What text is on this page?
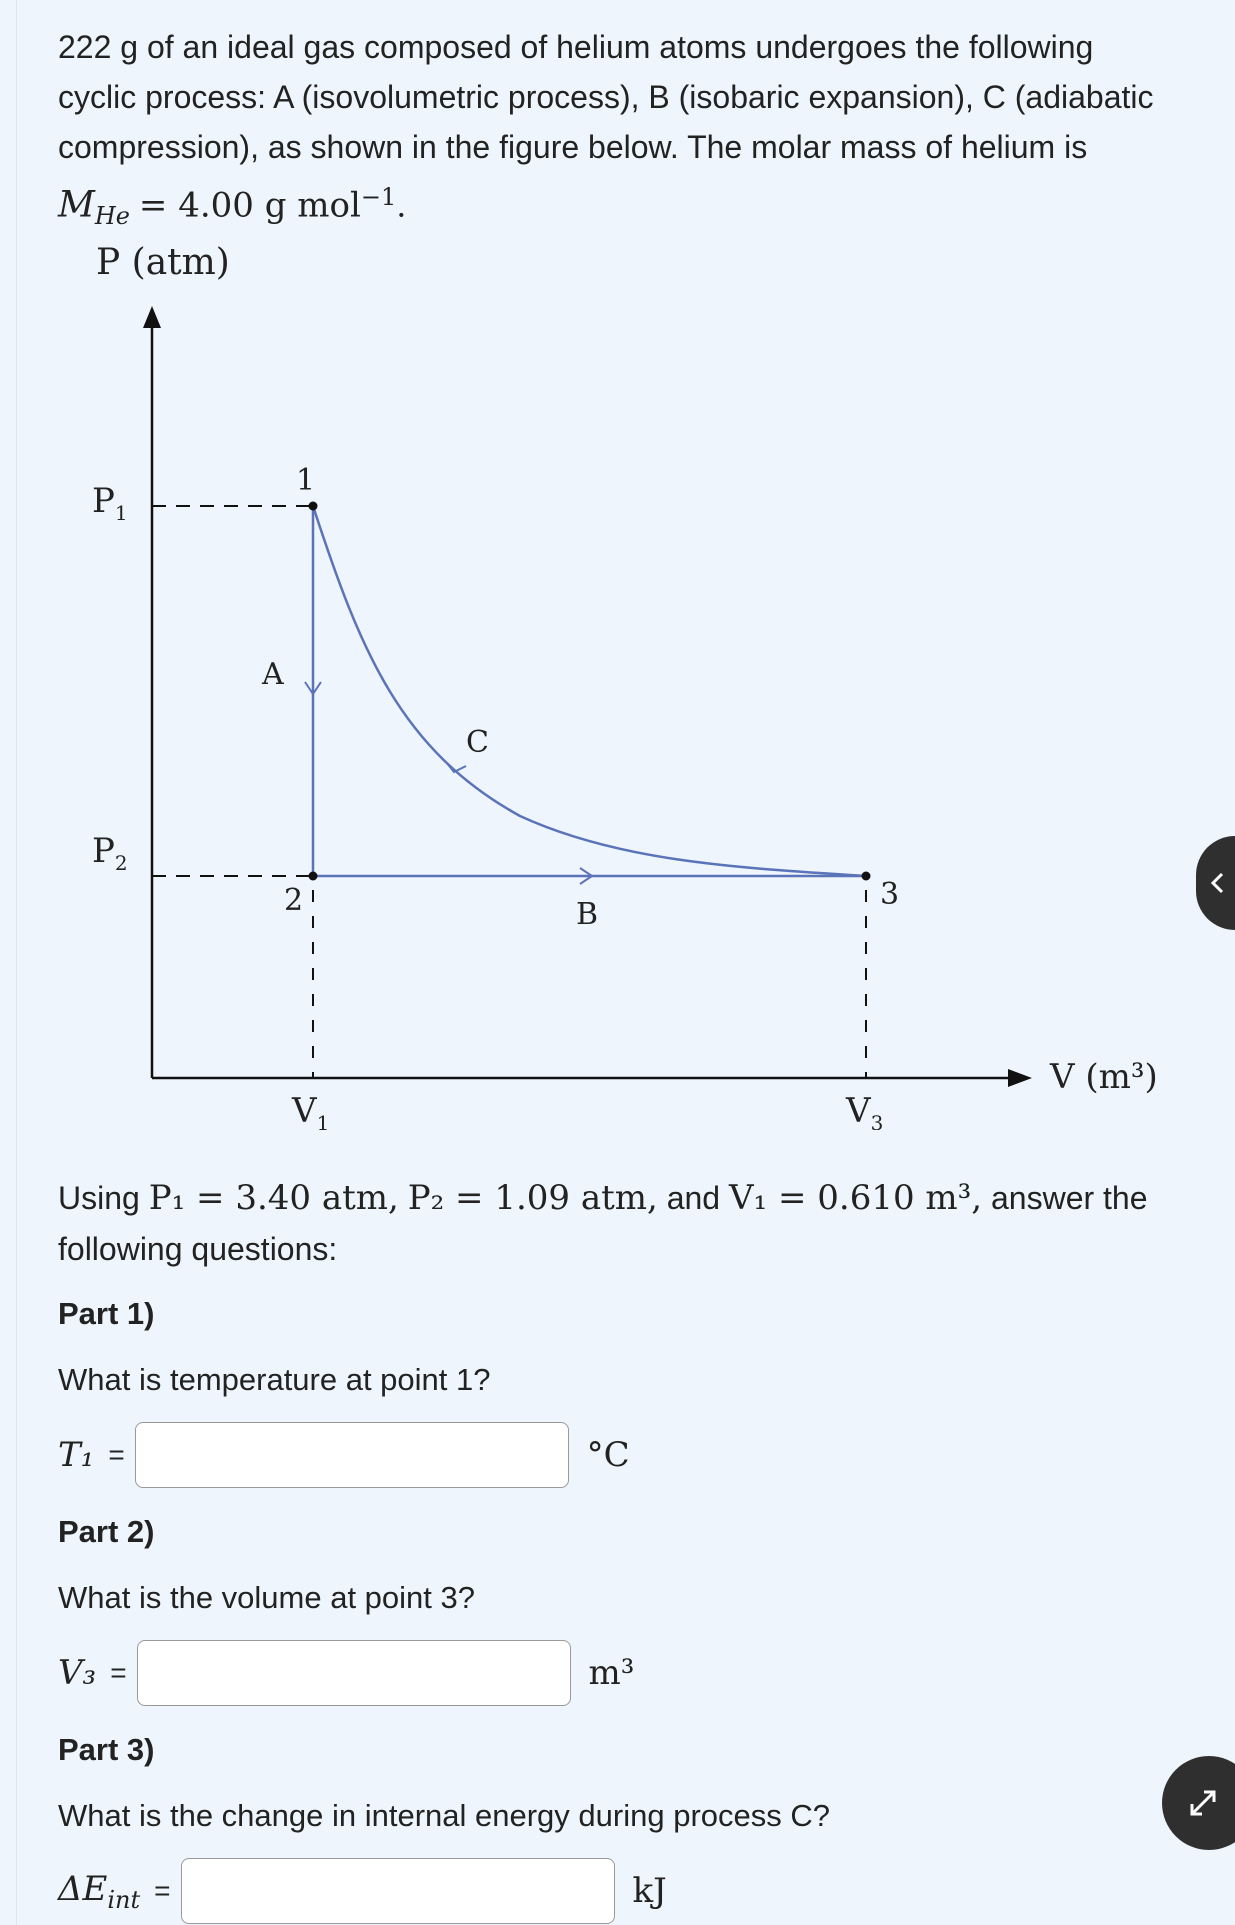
222 g of an ideal gas composed of helium atoms undergoes the following

cyclic process: A (isovolumetric process), B (isobaric expansion), C (adiabatic

compression), as shown in the figure below. The molar mass of helium is

$M_{He} = 4.00$ g mol$^{-1}$.

P (atm)
V (m³)
$P_1$
$P_2$
$V_1$	$V_3$
1
2	3
A
B
C

Using P₁ = 3.40 atm, P₂ = 1.09 atm, and V₁ = 0.610 m³, answer the

following questions:

Part 1)
What is temperature at point 1?
T₁ =	°C
Part 2)
What is the volume at point 3?
V₃ =	m³
Part 3)
What is the change in internal energy during process C?
$\Delta E_{int}$ =	kJ
